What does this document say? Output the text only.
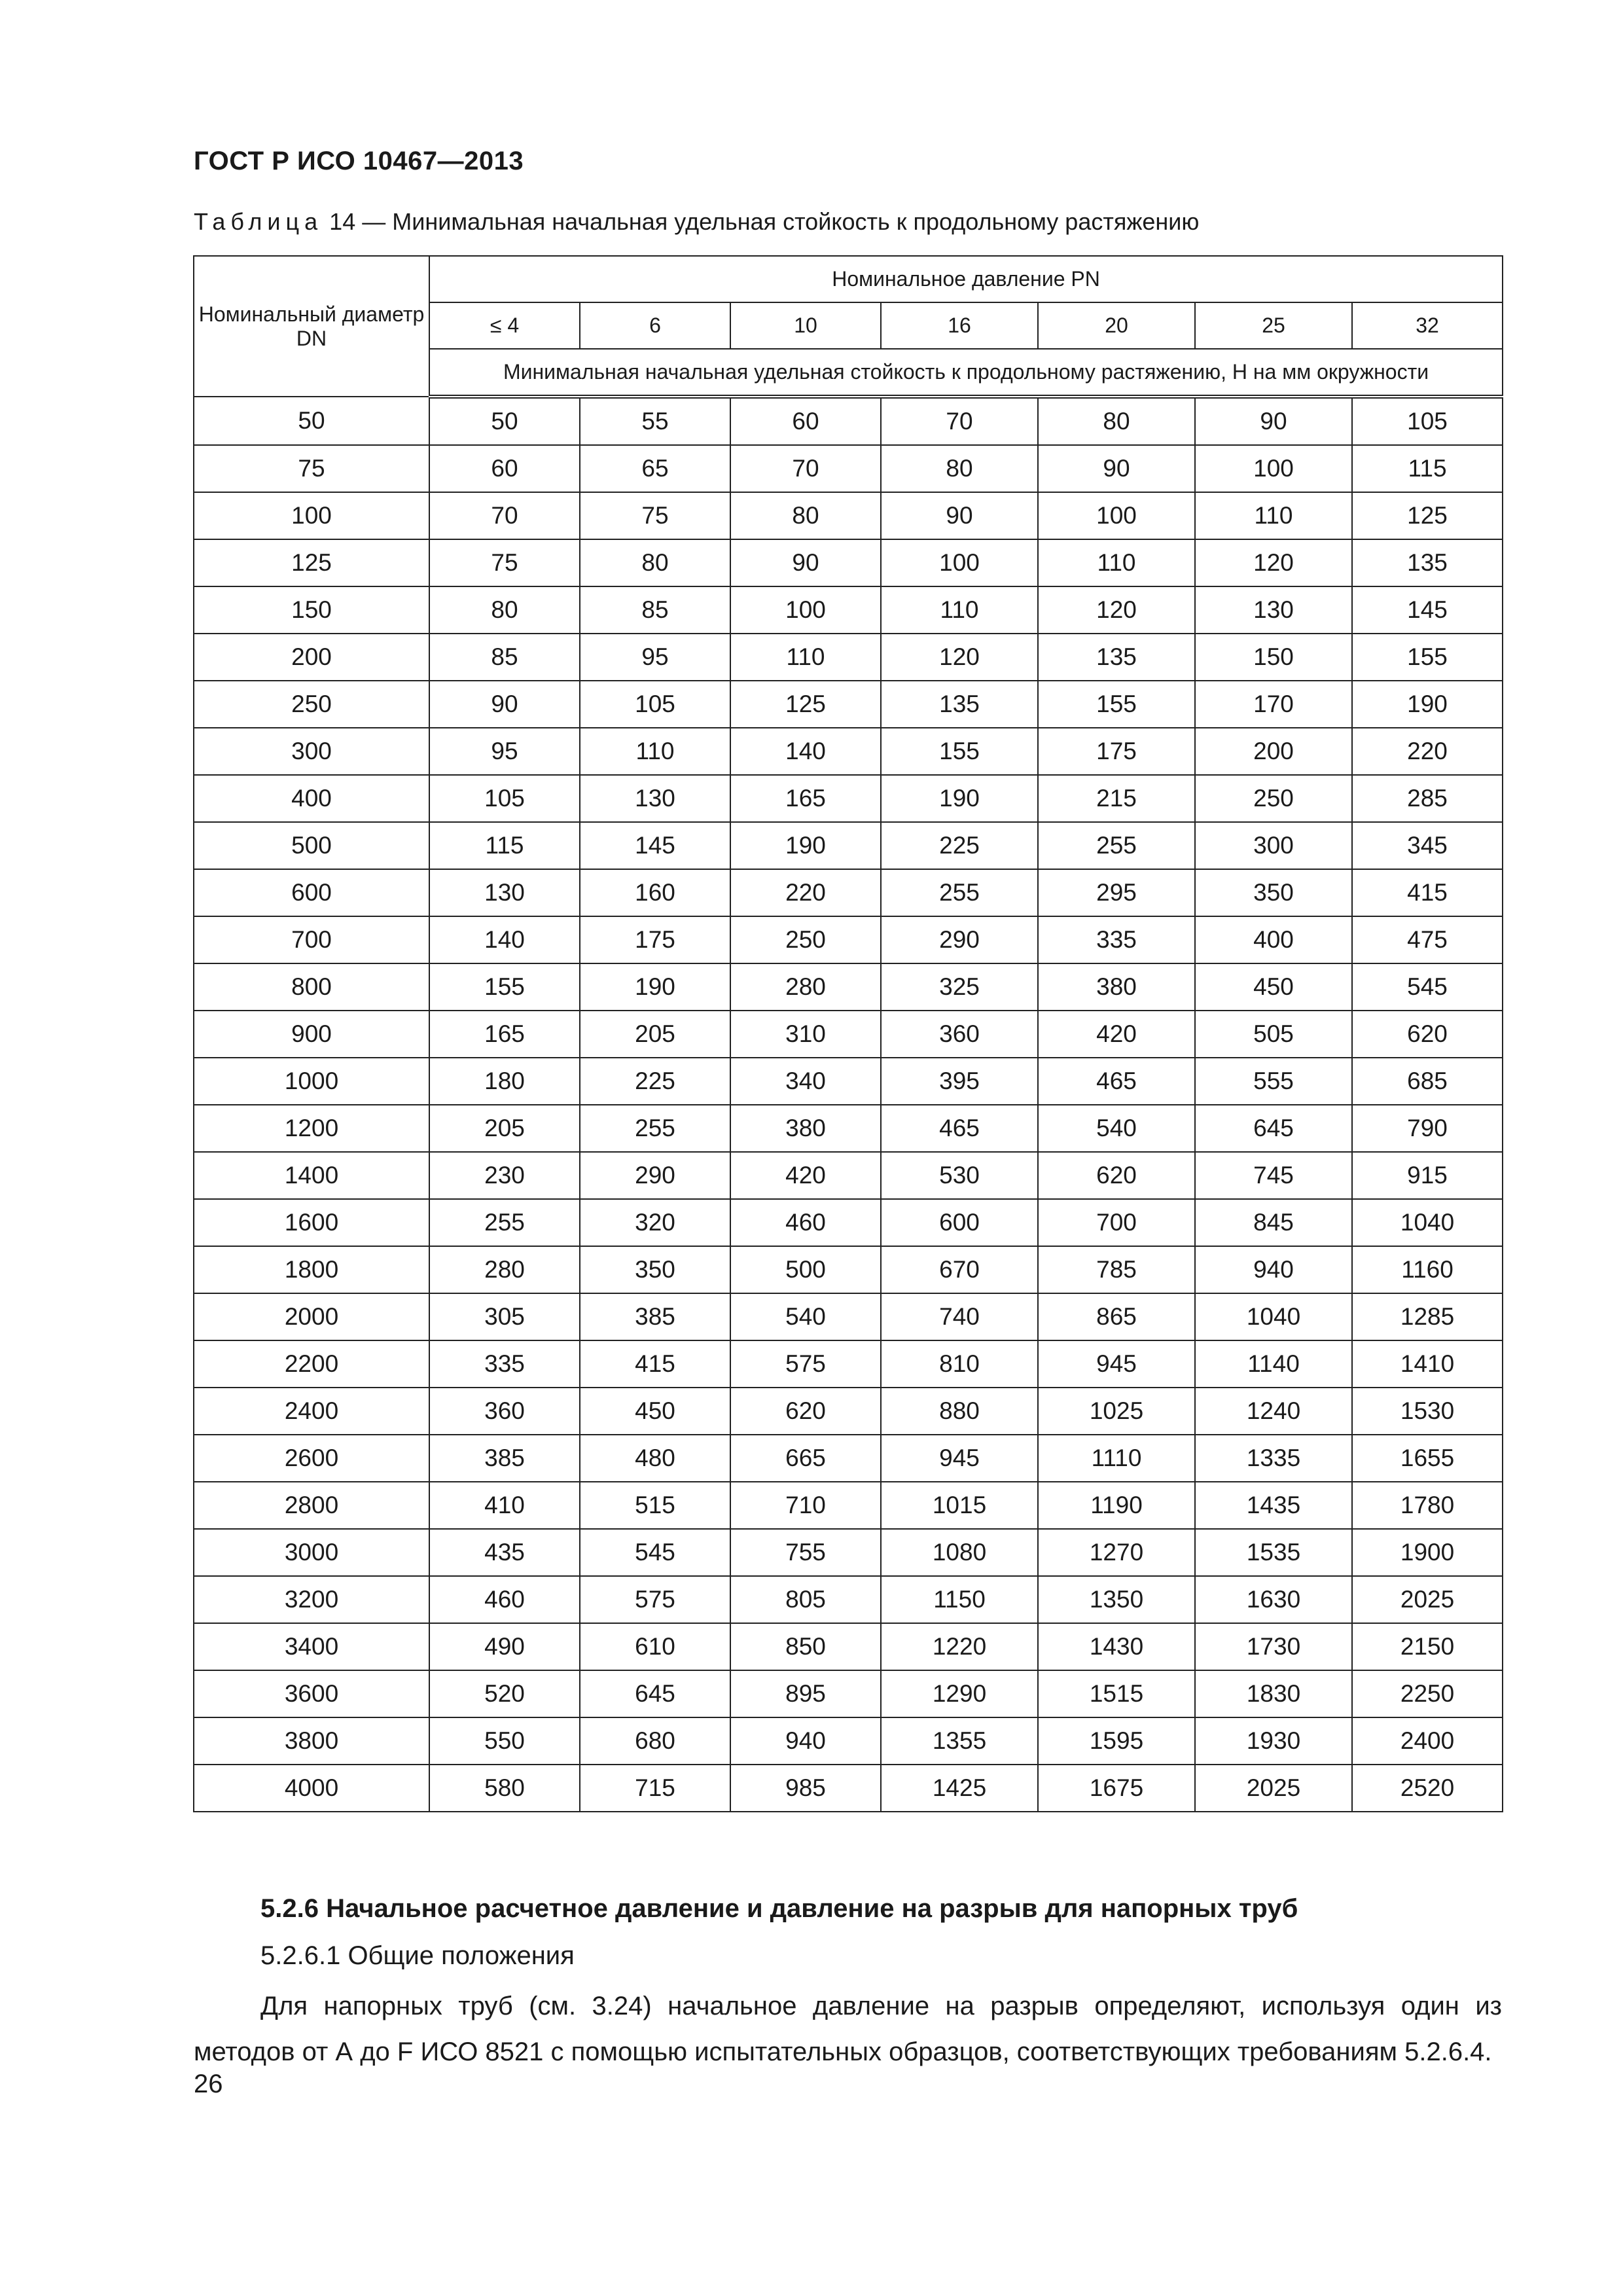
ГОСТ Р ИСО 10467—2013
Таблица 14 — Минимальная начальная удельная стойкость к продольному растяжению
Номинальный диаметр DN	Номинальное давление PN						
	≤ 4	6	10	16	20	25	32
	Минимальная начальная удельная стойкость к продольному растяжению, Н на мм окружности						
50	50	55	60	70	80	90	105
75	60	65	70	80	90	100	115
100	70	75	80	90	100	110	125
125	75	80	90	100	110	120	135
150	80	85	100	110	120	130	145
200	85	95	110	120	135	150	155
250	90	105	125	135	155	170	190
300	95	110	140	155	175	200	220
400	105	130	165	190	215	250	285
500	115	145	190	225	255	300	345
600	130	160	220	255	295	350	415
700	140	175	250	290	335	400	475
800	155	190	280	325	380	450	545
900	165	205	310	360	420	505	620
1000	180	225	340	395	465	555	685
1200	205	255	380	465	540	645	790
1400	230	290	420	530	620	745	915
1600	255	320	460	600	700	845	1040
1800	280	350	500	670	785	940	1160
2000	305	385	540	740	865	1040	1285
2200	335	415	575	810	945	1140	1410
2400	360	450	620	880	1025	1240	1530
2600	385	480	665	945	1110	1335	1655
2800	410	515	710	1015	1190	1435	1780
3000	435	545	755	1080	1270	1535	1900
3200	460	575	805	1150	1350	1630	2025
3400	490	610	850	1220	1430	1730	2150
3600	520	645	895	1290	1515	1830	2250
3800	550	680	940	1355	1595	1930	2400
4000	580	715	985	1425	1675	2025	2520
5.2.6 Начальное расчетное давление и давление на разрыв для напорных труб
5.2.6.1 Общие положения

Для напорных труб (см. 3.24) начальное давление на разрыв определяют, используя один из методов от А до F ИСО 8521 с помощью испытательных образцов, соответствующих требованиям 5.2.6.4.

26
